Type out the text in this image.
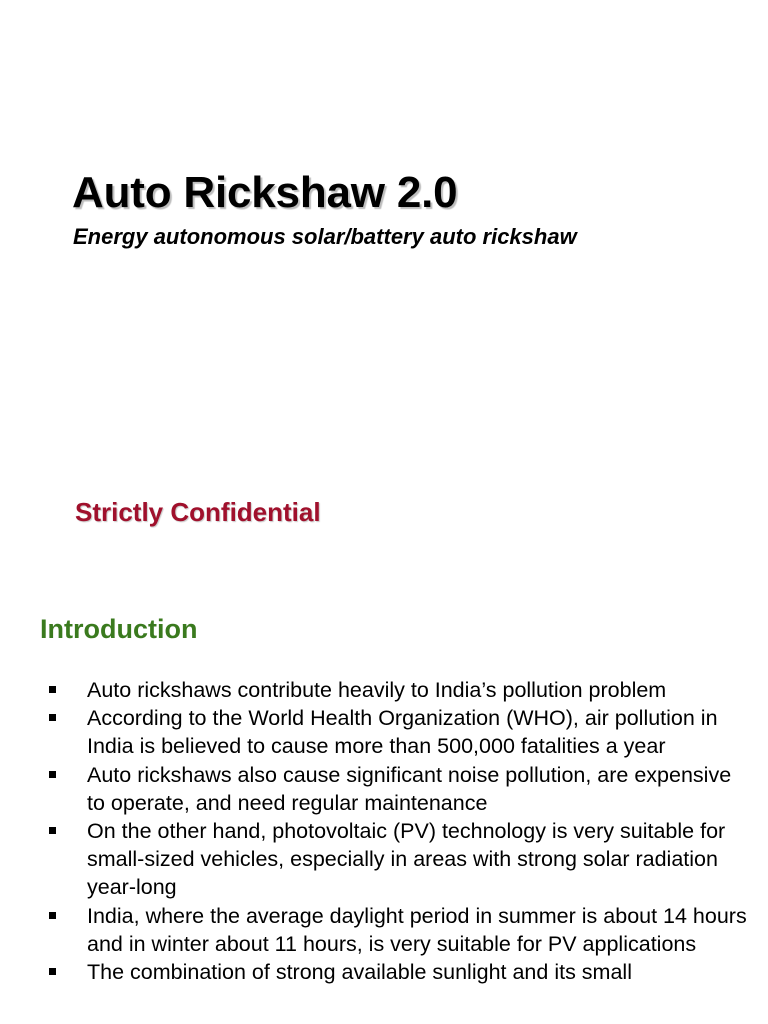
Auto Rickshaw 2.0

Energy autonomous solar/battery auto rickshaw

Strictly Confidential

Introduction
Auto rickshaws contribute heavily to India’s pollution problem
According to the World Health Organization (WHO), air pollution in India is believed to cause more than 500,000 fatalities a year
Auto rickshaws also cause significant noise pollution, are expensive to operate, and need regular maintenance
On the other hand, photovoltaic (PV) technology is very suitable for small-sized vehicles, especially in areas with strong solar radiation year-long
India, where the average daylight period in summer is about 14 hours and in winter about 11 hours, is very suitable for PV applications
The combination of strong available sunlight and its small
